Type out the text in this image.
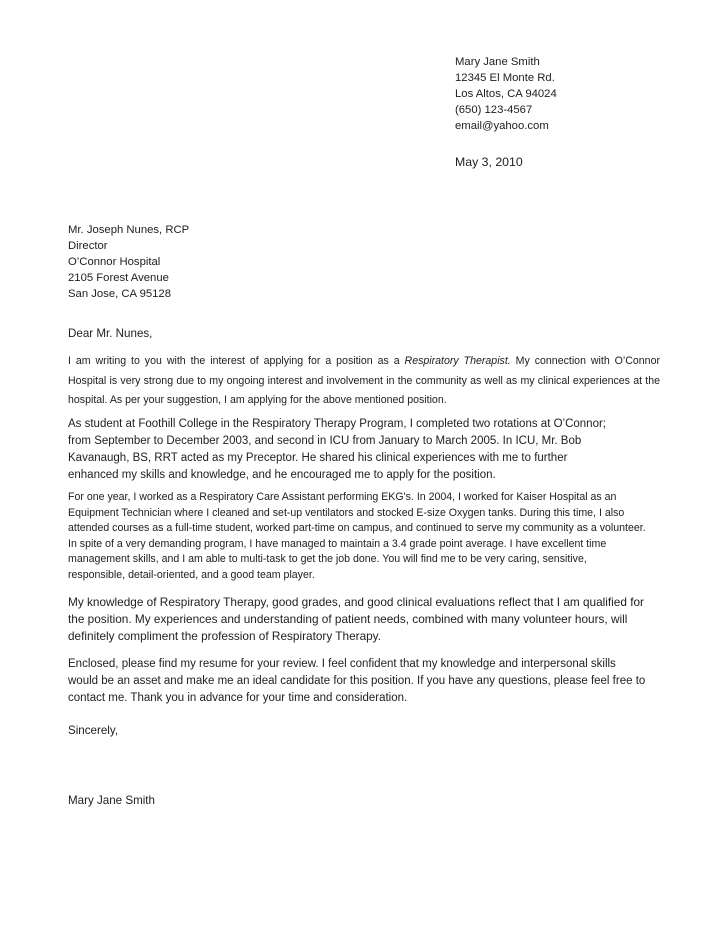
Mary Jane Smith
12345 El Monte Rd.
Los Altos, CA 94024
(650) 123-4567
email@yahoo.com
May 3, 2010
Mr. Joseph Nunes, RCP
Director
O’Connor Hospital
2105 Forest Avenue
San Jose, CA 95128
Dear Mr. Nunes,
I am writing to you with the interest of applying for a position as a Respiratory Therapist. My connection with O’Connor Hospital is very strong due to my ongoing interest and involvement in the community as well as my clinical experiences at the hospital. As per your suggestion, I am applying for the above mentioned position.
As student at Foothill College in the Respiratory Therapy Program, I completed two rotations at O’Connor; from September to December 2003, and second in ICU from January to March 2005. In ICU, Mr. Bob Kavanaugh, BS, RRT acted as my Preceptor. He shared his clinical experiences with me to further enhanced my skills and knowledge, and he encouraged me to apply for the position.
For one year, I worked as a Respiratory Care Assistant performing EKG's. In 2004, I worked for Kaiser Hospital as an Equipment Technician where I cleaned and set-up ventilators and stocked E-size Oxygen tanks. During this time, I also attended courses as a full-time student, worked part-time on campus, and continued to serve my community as a volunteer. In spite of a very demanding program, I have managed to maintain a 3.4 grade point average. I have excellent time management skills, and I am able to multi-task to get the job done. You will find me to be very caring, sensitive, responsible, detail-oriented, and a good team player.
My knowledge of Respiratory Therapy, good grades, and good clinical evaluations reflect that I am qualified for the position. My experiences and understanding of patient needs, combined with many volunteer hours, will definitely compliment the profession of Respiratory Therapy.
Enclosed, please find my resume for your review. I feel confident that my knowledge and interpersonal skills would be an asset and make me an ideal candidate for this position. If you have any questions, please feel free to contact me. Thank you in advance for your time and consideration.
Sincerely,
Mary Jane Smith
